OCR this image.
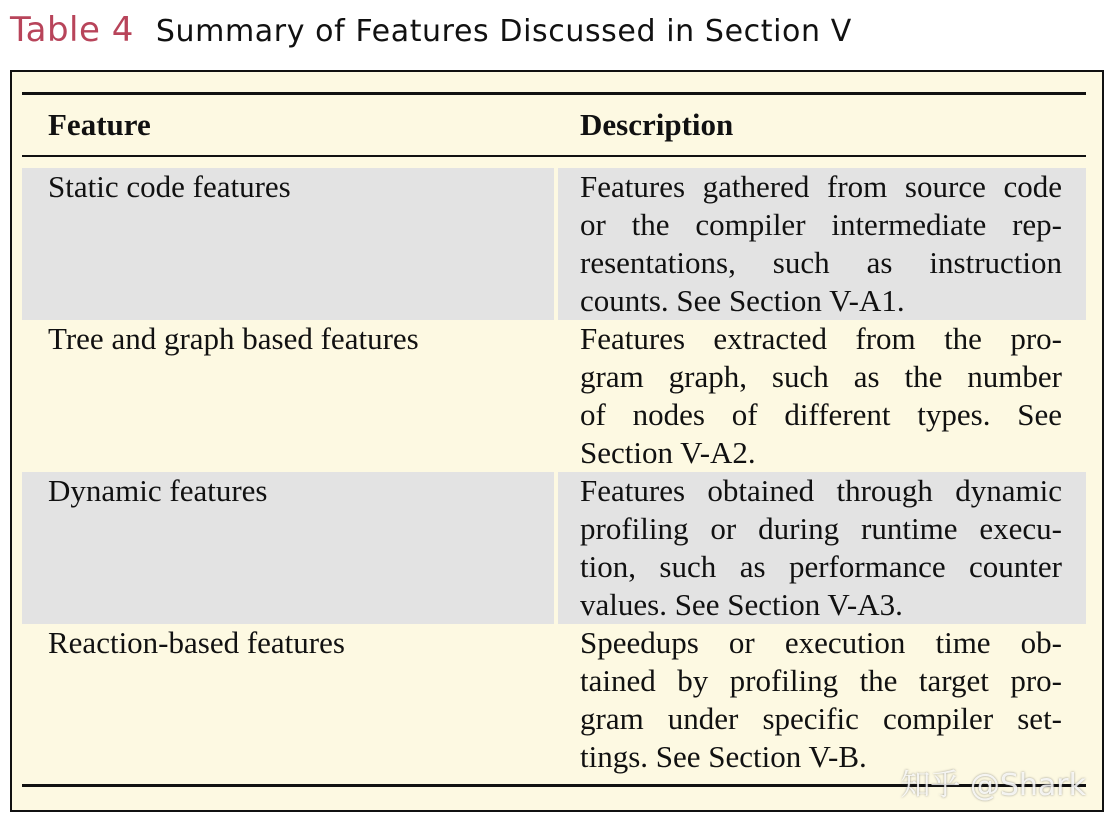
Table 4 Summary of Features Discussed in Section V
Feature	Description
Static code features	Features gathered from source code
or the compiler intermediate rep-
resentations, such as instruction
counts. See Section V-A1.
Tree and graph based features	Features extracted from the pro-
gram graph, such as the number
of nodes of different types. See
Section V-A2.
Dynamic features	Features obtained through dynamic
profiling or during runtime execu-
tion, such as performance counter
values. See Section V-A3.
Reaction-based features	Speedups or execution time ob-
tained by profiling the target pro-
gram under specific compiler set-
tings. See Section V-B.
知乎 @Shark
